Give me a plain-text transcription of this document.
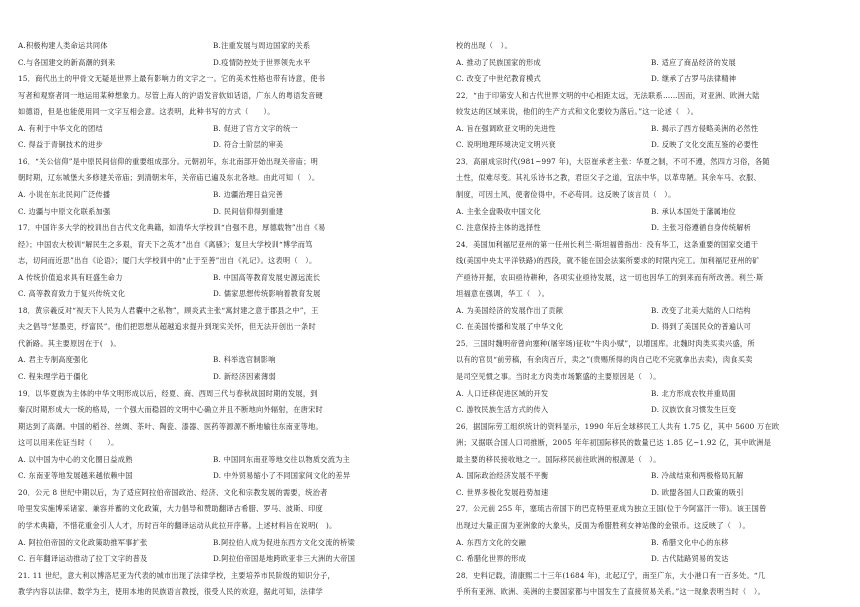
A.积极构建人类命运共同体	B.注重发展与周边国家的关系
C.与各国建交的新高潮的到来	D.疫情防控处于世界领先水平
15．商代出土的甲骨文无疑是世界上最有影响力的文字之一。它的美术性格也带有诗意，使书
写者和观察者同一地运用某种想象力。尽管上海人的沪语发音软如话语，广东人的粤语发音硬
如德语，但是也能使用同一文字互相会意。这表明，此种书写的方式（　　）。
A. 有利于中华文化的团结	B. 促进了官方文字的统一
C. 得益于青铜技术的进步	D. 符合士阶层的审美
16．“关公信仰”是中原民间信仰的重要组成部分。元朝初年，东北南部开始出现关帝庙；明
朝时期，辽东城堡大多修建关帝庙；到清朝末年，关帝庙已遍及东北各地。由此可知（　）。
A. 小说在东北民间广泛传播	B. 边疆治理日益完善
C. 边疆与中原文化联系加强	D. 民间信仰得到重建
17．中国许多大学的校训出自古代文化典籍，如清华大学校训“自强不息，厚德载物”出自《易
经》；中国农大校训“解民生之多艰，育天下之英才”出自《离骚》；复旦大学校训“博学而笃
志，切问而近思”出自《论语》；厦门大学校训中的“止于至善”出自《礼记》。这表明（　）。
A 传统价值追求具有旺盛生命力	B. 中国高等教育发展史源远流长
C. 高等教育致力于复兴传统文化	D. 儒家思想传统影响着教育发展
18．黄宗羲反对“视天下人民为人君囊中之私物”，顾炎武主张“寓封建之意于郡县之中”，王
夫之倡导“惩墨吏，纾富民”。他们把思想从超越追求提升到现实关怀，但无法开创出一条时
代新路。其主要原因在于(　)。
A. 君主专制高度强化	B. 科举选官制影响
C. 程朱理学趋于僵化	D. 新经济因素薄弱
19．以华夏族为主体的中华文明形成以后，经夏、商、西周三代与春秋战国时期的发展，到
秦汉时期形成大一统的格局，一个强大而稳固的文明中心确立并且不断地向外辐射，在唐宋时
期达到了高潮。中国的稻谷、丝绸、茶叶、陶瓷、漆器、医药等源源不断地输往东南亚等地。
这可以用来佐证当时（　　）。
A. 以中国为中心的文化圈日益成熟	B. 中国同东南亚等地交往以物质交流为主
C. 东南亚等地发展越来越依赖中国	D. 中外贸易缩小了不同国家间文化的差异
20．公元 8 世纪中期以后，为了适应阿拉伯帝国政治、经济、文化和宗教发展的需要，统治者
哈里发实施博采诸家、兼容并蓄的文化政策，大力倡导和赞助翻译古希腊、罗马、波斯、印度
的学术典籍，不惜花重金引人人才，历时百年的翻译运动从此拉开序幕。上述材料旨在说明(　)。
A. 阿拉伯帝国的文化政策助推军事扩张	B.阿拉伯人成为促进东西方文化交流的桥梁
C. 百年翻译运动推动了拉丁文字的普及	D.阿拉伯帝国是地跨欧亚非三大洲的大帝国
21. 11 世纪，意大利以博洛尼亚为代表的城市出现了法律学校，主要培养市民阶级的知识分子，
教学内容以法律、数学为主，使用本地的民族语言教授，很受人民的欢迎，据此可知，法律学
校的出现（　）。
A. 推动了民族国家的形成	B. 适应了商品经济的发展
C. 改变了中世纪教育模式	D. 继承了古罗马法律精神
22．“由于印第安人和古代世界文明的中心相距太远，无法联系……因而，对亚洲、欧洲大陆
较发达的区域来说，他们的生产方式和文化要较为落后。”这一论述（　）。
A. 旨在强调欧亚文明的先进性	B. 揭示了西方侵略美洲的必然性
C. 说明地理环境决定文明兴衰	D. 反映了文化交流互鉴的必要性
23．高丽成宗时代(981~997 年)，大臣崔承老主张：华夏之制，不可不遵，然四方习俗，各随
土性，似难尽变。其礼乐诗书之教，君臣父子之道，宜法中华，以革卑陋。其余车马、衣服、
制度，可因土风，使奢俭得中，不必苟同。这反映了该言员（　）。
A. 主张全盘吸收中国文化	B. 承认本国处于藩属地位
C. 注意保持主体的选择性	D. 主张习俗遵循自身传统解析
24．美国加利福尼亚州的第一任州长利兰·斯坦福曾指出：没有华工，这条重要的国家交通干
线(美国中央太平洋铁路)的西段，就不能在国会法案所要求的时限内完工。加利福尼亚州的矿
产亟待开掘，农田亟待耕种，各项实业亟待发展，这一切也因华工的到来而有所改善。利兰·斯
坦福意在强调，华工（　）。
A. 为美国经济的发展作出了贡献	B. 改变了北美大陆的人口结构
C. 在美国传播和发展了中华文化	D. 得到了美国民众的普遍认可
25．三国时魏明帝曾向塞种(屠宰场)征收“牛肉小赋”，以增国库。北魏时肉类买卖兴盛，所
以有的官员“前劳稿，有余肉百斤，卖之”(贵赐所得的肉自己吃不完就拿出去卖)，肉食买卖
是司空见惯之事。当时北方肉类市场繁盛的主要原因是（　）。
A. 人口迁移促进区域的开发	B. 北方形成农牧并重局面
C. 游牧民族生活方式的传入	D. 汉族饮食习惯发生巨变
26．据国际劳工组织统计的资料显示，1990 年后全球移民工人共有 1.75 亿，其中 5600 万在欧
洲；又据联合国人口司推断，2005 年年初国际移民的数量已达 1.85 亿~1.92 亿，其中欧洲是
最主要的移民接收地之一。国际移民前往欧洲的根源是（　）。
A. 国际政治经济发展不平衡	B. 冷战结束和两极格局瓦解
C. 世界多极化发展趋势加速	D. 欧盟各国人口政策的吸引
27．公元前 255 年，塞琉古帝国下的巴克特里亚成为独立王国(位于今阿富汗一带)。该王国曾
出现过大量正面为亚洲象的大象头，反面为希腊胜利女神站像的金银币。这反映了（　）。
A. 东西方文化的交融	B. 希腊文化中心的东移
C. 希腊化世界的形成	D. 古代陆路贸易的发达
28．史料记载，清康熙二十三年(1684 年)，北起辽宁，南至广东，大小港口有一百多处。“几
乎所有亚洲、欧洲、美洲的主要国家都与中国发生了直接贸易关系。”这一现象表明当时（　）。
